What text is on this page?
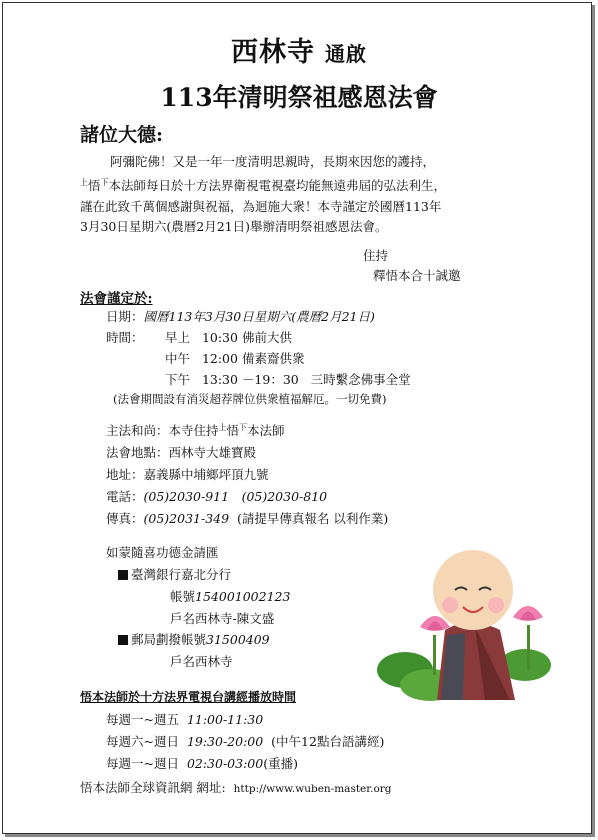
西林寺 通啟
113年清明祭祖感恩法會
諸位大德:
阿彌陀佛！又是一年一度清明思親時，長期來因您的護持，
$^上$悟$^下$本法師每日於十方法界衛視電視臺均能無遠弗屆的弘法利生，
謹在此致千萬個感謝與祝福，為迴施大衆！本寺謹定於國曆113年
3月30日星期六(農曆2月21日)舉辦清明祭祖感恩法會。
住持
釋悟本合十誠邀
法會謹定於:
日期：國曆113年3月30日星期六(農曆2月21日)
時間： 早上 10:30 佛前大供
中午 12:00 備素齋供衆
下午 13:30 －19：30 三時繫念佛事全堂
(法會期間設有消災超荐牌位供衆植福解厄。一切免費)
主法和尚：本寺住持$^上$悟$^下$本法師
法會地點：西林寺大雄寶殿
地址：嘉義縣中埔鄉坪頂九號
電話：(05)2030-911　(05)2030-810
傳真：(05)2031-349 (請提早傳真報名 以利作業)
如蒙隨喜功德金請匯
臺灣銀行嘉北分行
帳號154001002123
戶名西林寺-陳文盛
郵局劃撥帳號31500409
戶名西林寺
悟本法師於十方法界電視台講經播放時間
每週一~週五 11:00-11:30
每週六~週日 19:30-20:00 (中午12點台語講經)
每週一~週日 02:30-03:00(重播)
悟本法師全球資訊網 網址: http://www.wuben-master.org
